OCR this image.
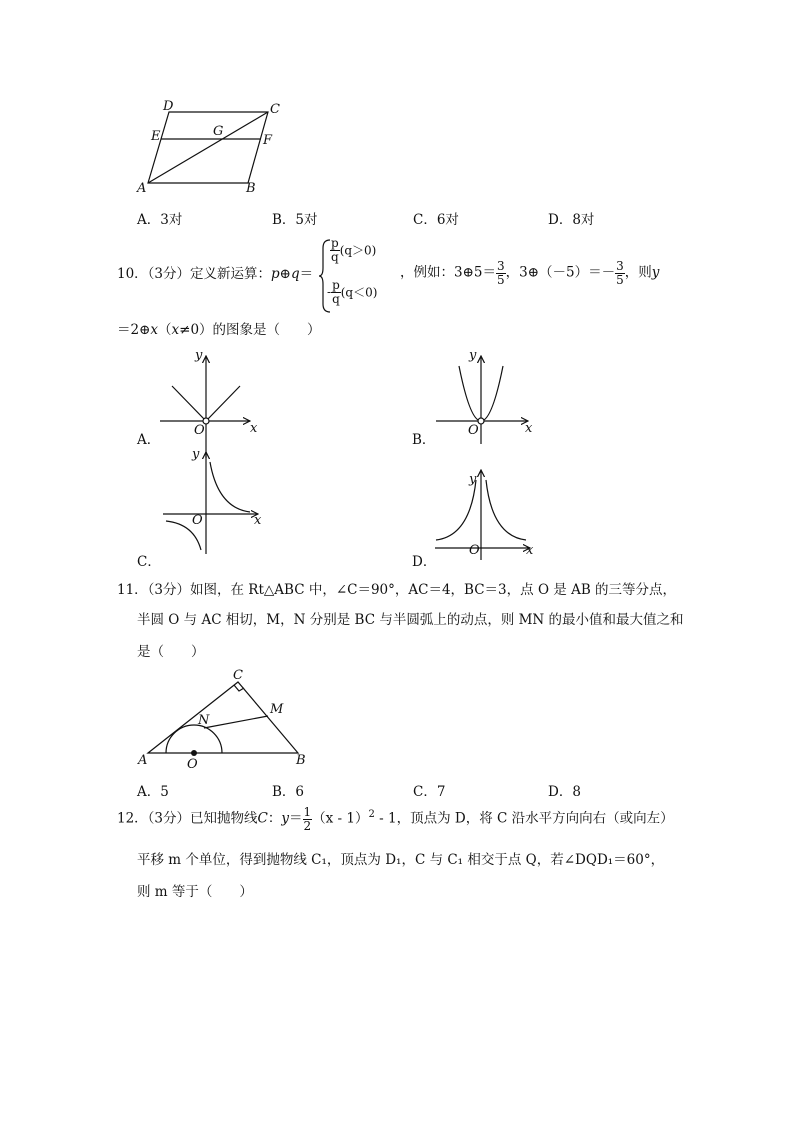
D	C
E	G
F
A	B
A．3对	B．5对	C．6对	D．8对
10．（3分）定义新运算：p⊕q＝
$\frac{p}{q} (q>0)$
- $\frac{p}{q} (q<0)$
，例如：3⊕5＝ $\frac{3}{5}$ ，3⊕（－5）＝－ $\frac{3}{5}$ ，则y
＝2⊕x（x≠0）的图象是（　　）
y
x
O
y
x
O
y
x
O
y
x
O
A．	B．
C．	D．
11．（3分）如图，在 Rt△ABC 中，∠C＝90°，AC＝4，BC＝3，点 O 是 AB 的三等分点，
半圆 O 与 AC 相切，M，N 分别是 BC 与半圆弧上的动点，则 MN 的最小值和最大值之和
是（　　）
C
M
N
A	O	B
A．5	B．6	C．7	D．8
12．（3分）已知抛物线C：$y= \frac{1}{2} (x - 1)^2 - 1$，顶点为 D，将 C 沿水平方向向右（或向左）
平移 m 个单位，得到抛物线 C₁，顶点为 D₁，C 与 C₁ 相交于点 Q，若∠DQD₁＝60°，
则 m 等于（　　）
